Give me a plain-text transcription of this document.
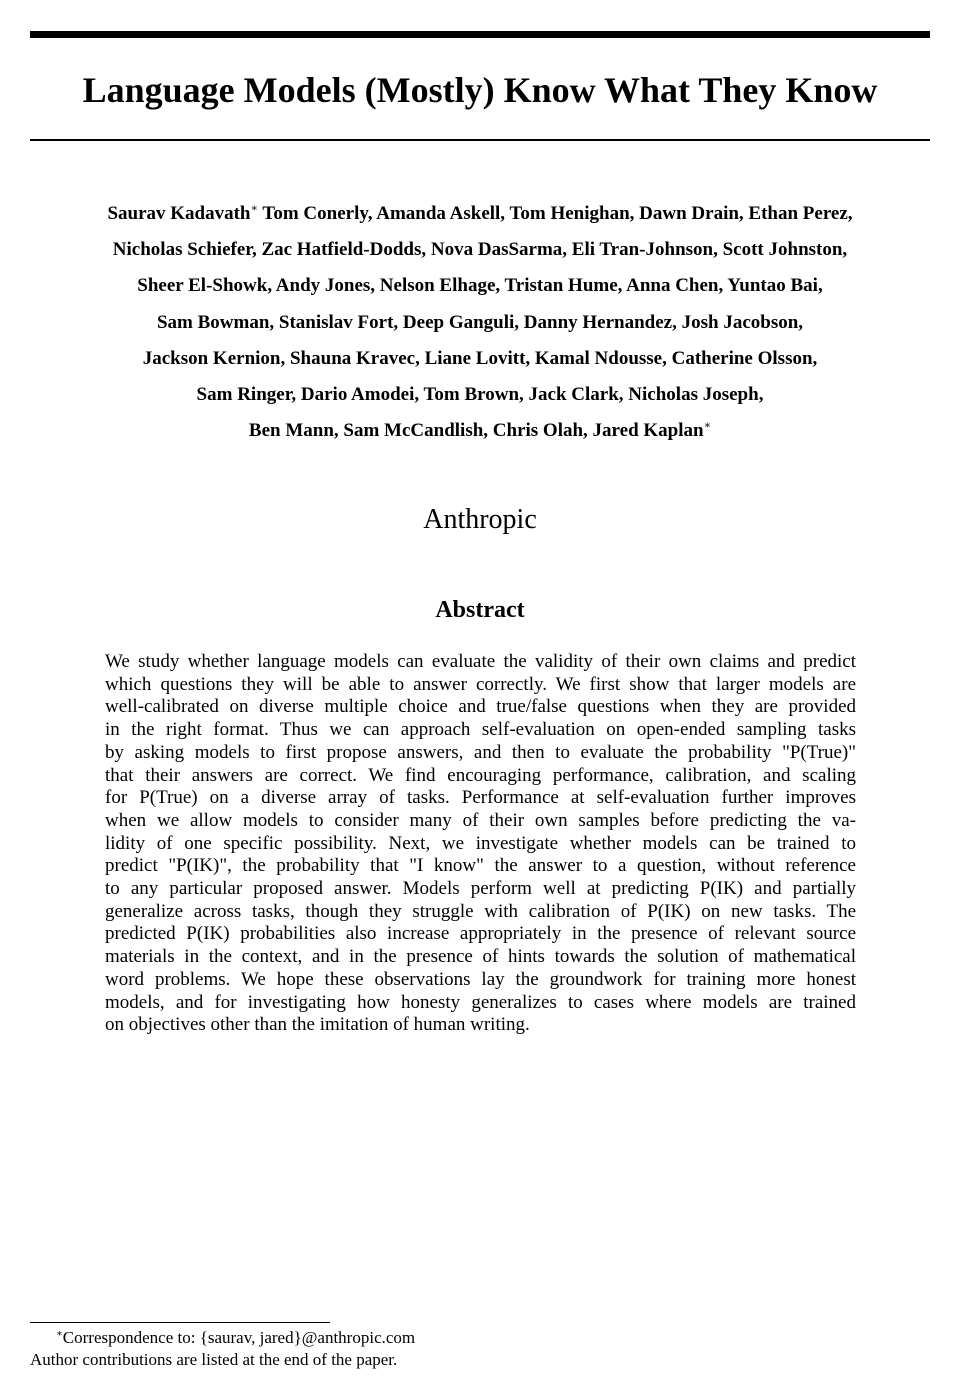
Language Models (Mostly) Know What They Know
Saurav Kadavath∗ Tom Conerly, Amanda Askell, Tom Henighan, Dawn Drain, Ethan Perez,
Nicholas Schiefer, Zac Hatfield-Dodds, Nova DasSarma, Eli Tran-Johnson, Scott Johnston,
Sheer El-Showk, Andy Jones, Nelson Elhage, Tristan Hume, Anna Chen, Yuntao Bai,
Sam Bowman, Stanislav Fort, Deep Ganguli, Danny Hernandez, Josh Jacobson,
Jackson Kernion, Shauna Kravec, Liane Lovitt, Kamal Ndousse, Catherine Olsson,
Sam Ringer, Dario Amodei, Tom Brown, Jack Clark, Nicholas Joseph,
Ben Mann, Sam McCandlish, Chris Olah, Jared Kaplan∗
Anthropic
Abstract
We study whether language models can evaluate the validity of their own claims and predict
which questions they will be able to answer correctly. We first show that larger models are
well-calibrated on diverse multiple choice and true/false questions when they are provided
in the right format. Thus we can approach self-evaluation on open-ended sampling tasks
by asking models to first propose answers, and then to evaluate the probability "P(True)"
that their answers are correct. We find encouraging performance, calibration, and scaling
for P(True) on a diverse array of tasks. Performance at self-evaluation further improves
when we allow models to consider many of their own samples before predicting the va-
lidity of one specific possibility. Next, we investigate whether models can be trained to
predict "P(IK)", the probability that "I know" the answer to a question, without reference
to any particular proposed answer. Models perform well at predicting P(IK) and partially
generalize across tasks, though they struggle with calibration of P(IK) on new tasks. The
predicted P(IK) probabilities also increase appropriately in the presence of relevant source
materials in the context, and in the presence of hints towards the solution of mathematical
word problems. We hope these observations lay the groundwork for training more honest
models, and for investigating how honesty generalizes to cases where models are trained
on objectives other than the imitation of human writing.
∗Correspondence to: {saurav, jared}@anthropic.com
Author contributions are listed at the end of the paper.
